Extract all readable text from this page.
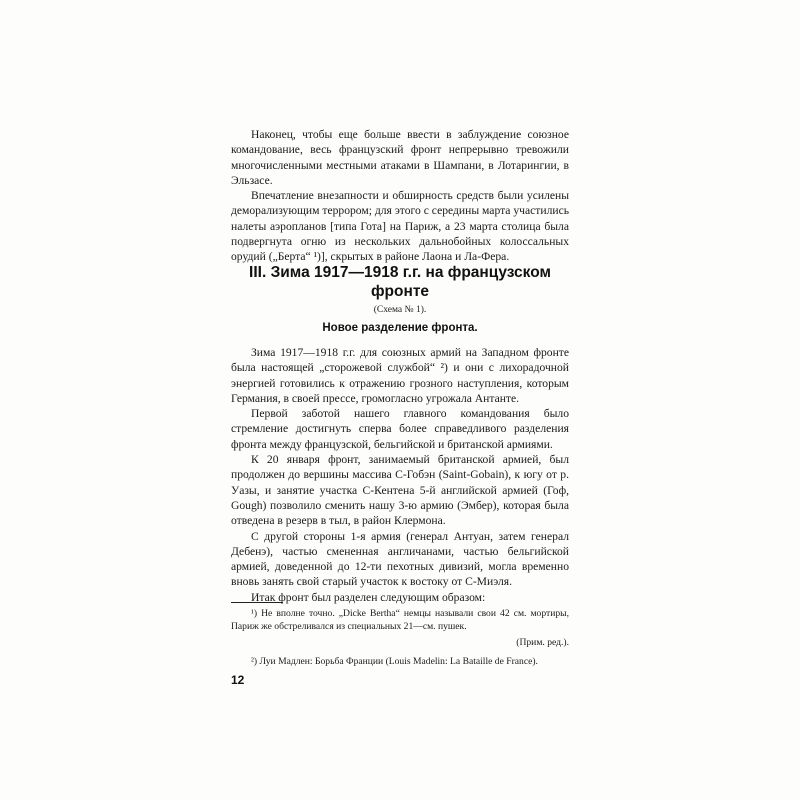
Наконец, чтобы еще больше ввести в заблуждение союзное командование, весь французский фронт непрерывно тревожили многочисленными местными атаками в Шампани, в Лотарингии, в Эльзасе.

Впечатление внезапности и обширность средств были усилены деморализующим террором; для этого с середины марта участились налеты аэропланов [типа Гота] на Париж, а 23 марта столица была подвергнута огню из нескольких дальнобойных колоссальных орудий („Берта“ ¹)], скрытых в районе Лаона и Ла-Фера.

III. Зима 1917—1918 г.г. на французском фронте

(Схема № 1).

Новое разделение фронта.

Зима 1917—1918 г.г. для союзных армий на Западном фронте была настоящей „сторожевой службой“ ²) и они с лихорадочной энергией готовились к отражению грозного наступления, которым Германия, в своей прессе, громогласно угрожала Антанте.

Первой заботой нашего главного командования было стремление достигнуть сперва более справедливого разделения фронта между французской, бельгийской и британской армиями.

К 20 января фронт, занимаемый британской армией, был продолжен до вершины массива С-Гобэн (Saint-Gobain), к югу от р. Уазы, и занятие участка С-Кентена 5-й английской армией (Гоф, Gough) позволило сменить нашу 3-ю армию (Эмбер), которая была отведена в резерв в тыл, в район Клермона.

С другой стороны 1-я армия (генерал Антуан, затем генерал Дебенэ), частью смененная англичанами, частью бельгийской армией, доведенной до 12-ти пехотных дивизий, могла временно вновь занять свой старый участок к востоку от С-Миэля.

Итак фронт был разделен следующим образом:

¹) Не вполне точно. „Dicke Bertha“ немцы называли свои 42 см. мортиры, Париж же обстреливался из специальных 21—см. пушек.

(Прим. ред.).

²) Луи Мадлен: Борьба Франции (Louis Madelin: La Bataille de France).

12
